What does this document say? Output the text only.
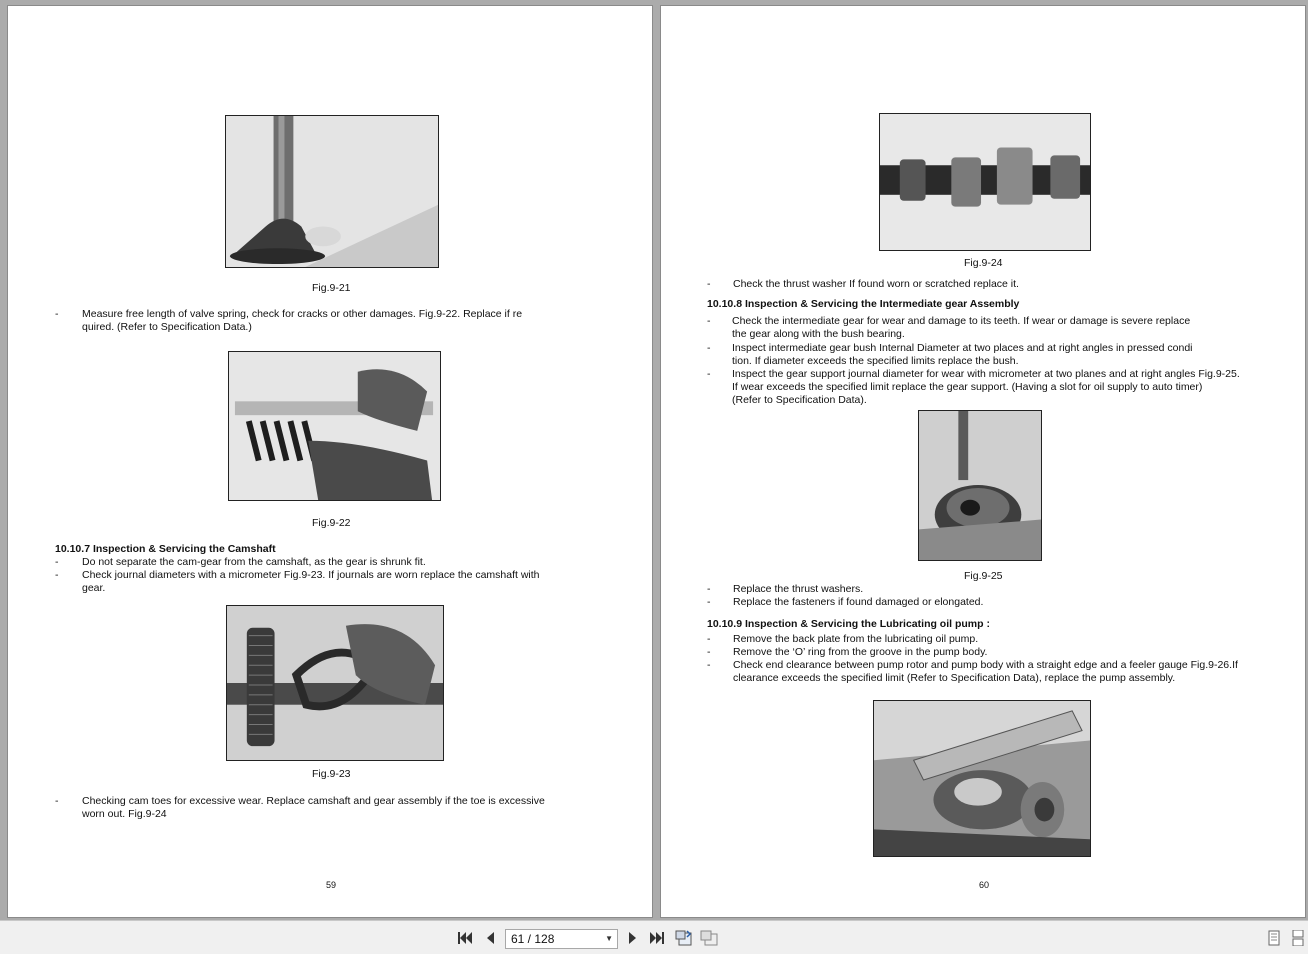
Fig.9-21
- Measure free length of valve spring, check for cracks or other damages. Fig.9-22. Replace if re
quired. (Refer to Specification Data.)
Fig.9-22
10.10.7 Inspection & Servicing the Camshaft
- Do not separate the cam-gear from the camshaft, as the gear is shrunk fit.
- Check journal diameters with a micrometer Fig.9-23. If journals are worn replace the camshaft with
gear.
Fig.9-23
- Checking cam toes for excessive wear. Replace camshaft and gear assembly if the toe is excessive
worn out. Fig.9-24
59
Fig.9-24
- Check the thrust washer If found worn or scratched replace it.
10.10.8 Inspection & Servicing the Intermediate gear Assembly
- Check the intermediate gear for wear and damage to its teeth. If wear or damage is severe replace
the gear along with the bush bearing.
- Inspect intermediate gear bush Internal Diameter at two places and at right angles in pressed condi
tion. If diameter exceeds the specified limits replace the bush.
- Inspect the gear support journal diameter for wear with micrometer at two planes and at right angles Fig.9-25.
If wear exceeds the specified limit replace the gear support. (Having a slot for oil supply to auto timer)
(Refer to Specification Data).
Fig.9-25
- Replace the thrust washers.
- Replace the fasteners if found damaged or elongated.
10.10.9 Inspection & Servicing the Lubricating oil pump :
- Remove the back plate from the lubricating oil pump.
- Remove the ‘O’ ring from the groove in the pump body.
- Check end clearance between pump rotor and pump body with a straight edge and a feeler gauge Fig.9-26.If
clearance exceeds the specified limit (Refer to Specification Data), replace the pump assembly.
60
61 / 128	▼
